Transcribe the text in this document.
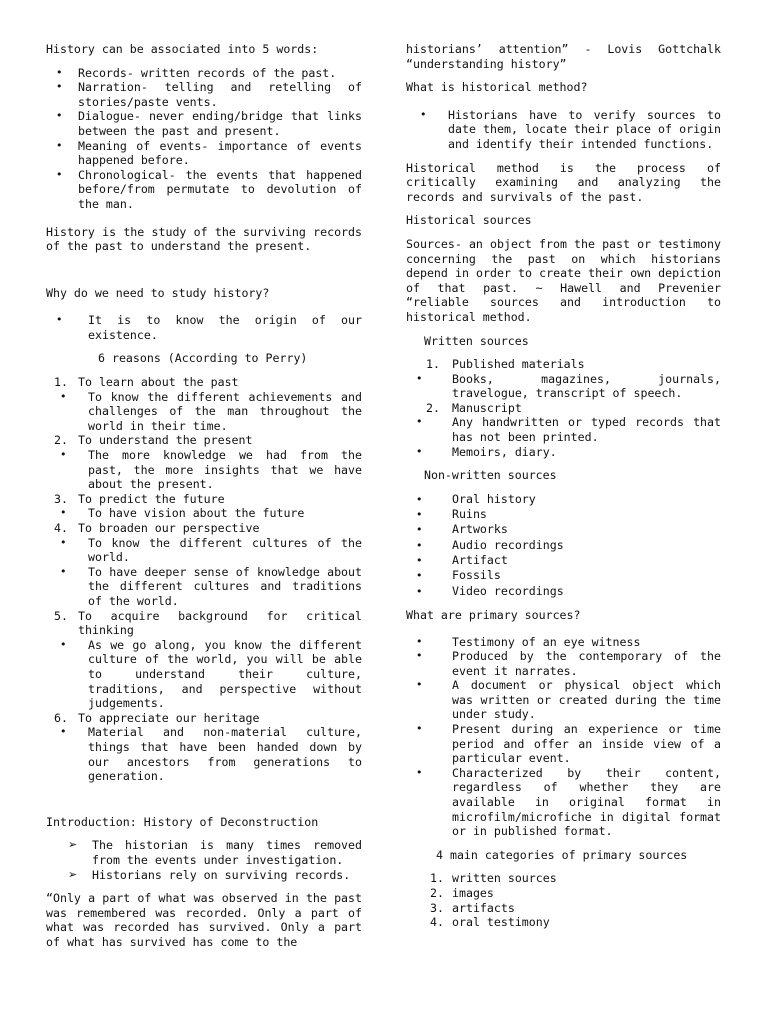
History can be associated into 5 words:

• Records- written records of the past.
• Narration- telling and retelling of stories/paste vents.
• Dialogue- never ending/bridge that links between the past and present.
• Meaning of events- importance of events happened before.
• Chronological- the events that happened before/from permutate to devolution of the man.

History is the study of the surviving records of the past to understand the present.

Why do we need to study history?

• It is to know the origin of our existence.

6 reasons (According to Perry)

1. To learn about the past
• To know the different achievements and challenges of the man throughout the world in their time.
2. To understand the present
• The more knowledge we had from the past, the more insights that we have about the present.
3. To predict the future
• To have vision about the future
4. To broaden our perspective
• To know the different cultures of the world.
• To have deeper sense of knowledge about the different cultures and traditions of the world.
5. To acquire background for critical thinking
• As we go along, you know the different culture of the world, you will be able to understand their culture, traditions, and perspective without judgements.
6. To appreciate our heritage
• Material and non-material culture, things that have been handed down by our ancestors from generations to generation.

Introduction: History of Deconstruction

➢ The historian is many times removed from the events under investigation.
➢ Historians rely on surviving records.

“Only a part of what was observed in the past was remembered was recorded. Only a part of what was recorded has survived. Only a part of what has survived has come to the

historians’ attention” - Lovis Gottchalk “understanding history”

What is historical method?

• Historians have to verify sources to date them, locate their place of origin and identify their intended functions.

Historical method is the process of critically examining and analyzing the records and survivals of the past.

Historical sources

Sources- an object from the past or testimony concerning the past on which historians depend in order to create their own depiction of that past. ~ Hawell and Prevenier “reliable sources and introduction to historical method.

Written sources

1. Published materials
• Books, magazines, journals, travelogue, transcript of speech.
2. Manuscript
• Any handwritten or typed records that has not been printed.
• Memoirs, diary.

Non-written sources

• Oral history
• Ruins
• Artworks
• Audio recordings
• Artifact
• Fossils
• Video recordings

What are primary sources?

• Testimony of an eye witness
• Produced by the contemporary of the event it narrates.
• A document or physical object which was written or created during the time under study.
• Present during an experience or time period and offer an inside view of a particular event.
• Characterized by their content, regardless of whether they are available in original format in microfilm/microfiche in digital format or in published format.

4 main categories of primary sources

1. written sources
2. images
3. artifacts
4. oral testimony
